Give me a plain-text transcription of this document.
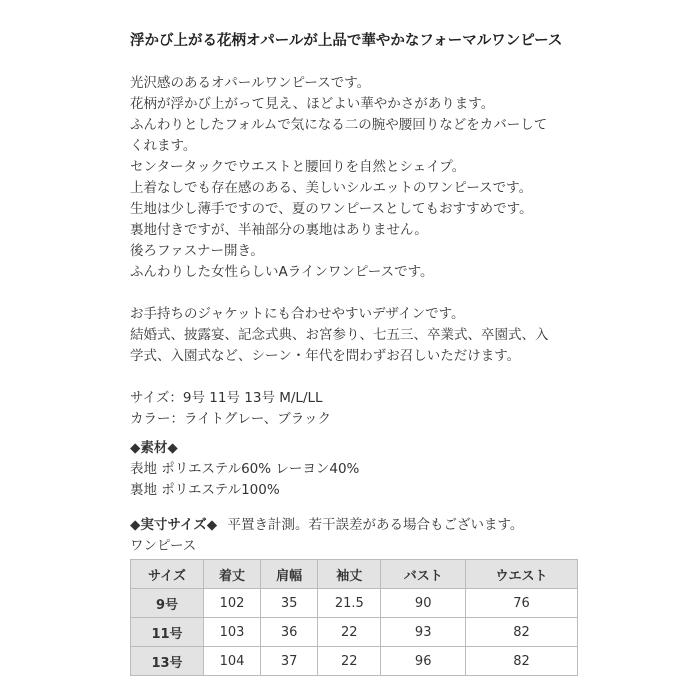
浮かび上がる花柄オパールが上品で華やかなフォーマルワンピース

光沢感のあるオパールワンピースです。

花柄が浮かび上がって見え、ほどよい華やかさがあります。

ふんわりとしたフォルムで気になる二の腕や腰回りなどをカバーして

くれます。

センタータックでウエストと腰回りを自然とシェイプ。

上着なしでも存在感のある、美しいシルエットのワンピースです。

生地は少し薄手ですので、夏のワンピースとしてもおすすめです。

裏地付きですが、半袖部分の裏地はありません。

後ろファスナー開き。

ふんわりした女性らしいAラインワンピースです。

お手持ちのジャケットにも合わせやすいデザインです。

結婚式、披露宴、記念式典、お宮参り、七五三、卒業式、卒園式、入

学式、入園式など、シーン・年代を問わずお召しいただけます。

サイズ：9号 11号 13号 M/L/LL

カラー：ライトグレー、ブラック

◆素材◆

表地 ポリエステル60% レーヨン40%

裏地 ポリエステル100%

◆実寸サイズ◆ 平置き計測。若干誤差がある場合もございます。

ワンピース

サイズ	着丈	肩幅	袖丈	バスト	ウエスト
9号	102	35	21.5	90	76
11号	103	36	22	93	82
13号	104	37	22	96	82
